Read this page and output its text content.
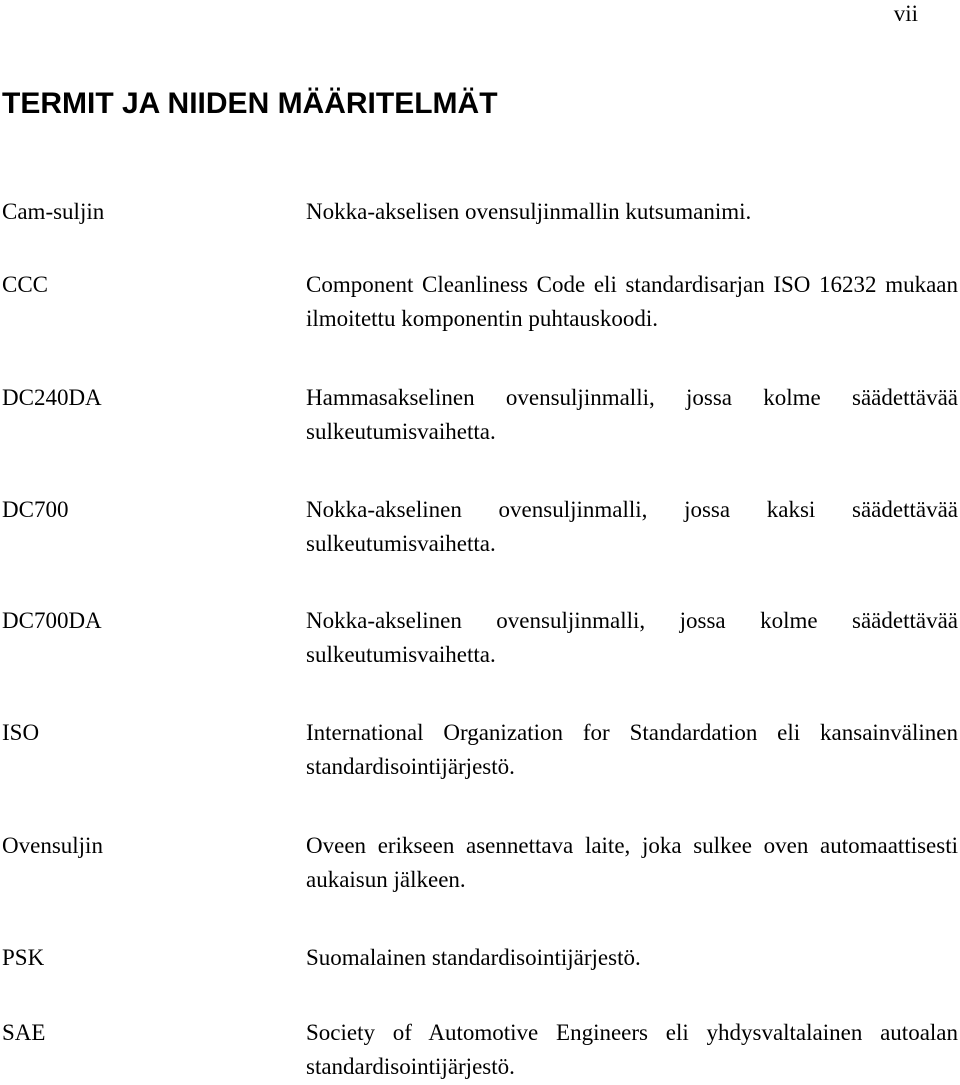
vii
TERMIT JA NIIDEN MÄÄRITELMÄT
Cam-suljin	Nokka-akselisen ovensuljinmallin kutsumanimi.
CCC	Component Cleanliness Code eli standardisarjan ISO 16232 mukaan ilmoitettu komponentin puhtauskoodi.
DC240DA	Hammasakselinen ovensuljinmalli, jossa kolme säädettävää sulkeutumisvaihetta.
DC700	Nokka-akselinen ovensuljinmalli, jossa kaksi säädettävää sulkeutumisvaihetta.
DC700DA	Nokka-akselinen ovensuljinmalli, jossa kolme säädettävää sulkeutumisvaihetta.
ISO	International Organization for Standardation eli kansainvälinen standardisointijärjestö.
Ovensuljin	Oveen erikseen asennettava laite, joka sulkee oven automaattisesti aukaisun jälkeen.
PSK	Suomalainen standardisointijärjestö.
SAE	Society of Automotive Engineers eli yhdysvaltalainen autoalan standardisointijärjestö.
